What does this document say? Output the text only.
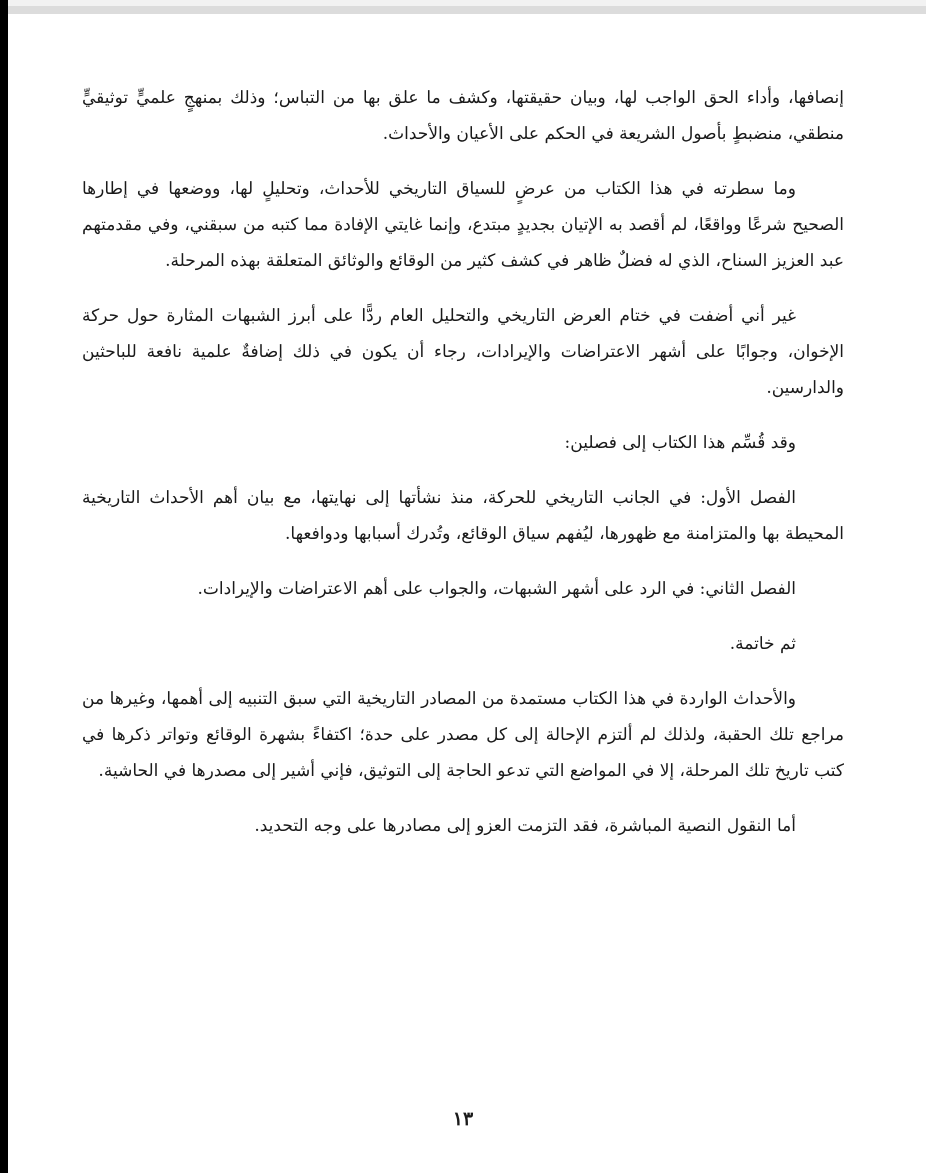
إنصافها، وأداء الحق الواجب لها، وبيان حقيقتها، وكشف ما علق بها من التباس؛ وذلك بمنهجٍ علميٍّ توثيقيٍّ منطقي، منضبطٍ بأصول الشريعة في الحكم على الأعيان والأحداث.

وما سطرته في هذا الكتاب من عرضٍ للسياق التاريخي للأحداث، وتحليلٍ لها، ووضعها في إطارها الصحيح شرعًا وواقعًا، لم أقصد به الإتيان بجديدٍ مبتدع، وإنما غايتي الإفادة مما كتبه من سبقني، وفي مقدمتهم عبد العزيز السناح، الذي له فضلٌ ظاهر في كشف كثير من الوقائع والوثائق المتعلقة بهذه المرحلة.

غير أني أضفت في ختام العرض التاريخي والتحليل العام ردًّا على أبرز الشبهات المثارة حول حركة الإخوان، وجوابًا على أشهر الاعتراضات والإيرادات، رجاء أن يكون في ذلك إضافةٌ علمية نافعة للباحثين والدارسين.

وقد قُسِّم هذا الكتاب إلى فصلين:

الفصل الأول: في الجانب التاريخي للحركة، منذ نشأتها إلى نهايتها، مع بيان أهم الأحداث التاريخية المحيطة بها والمتزامنة مع ظهورها، ليُفهم سياق الوقائع، وتُدرك أسبابها ودوافعها.

الفصل الثاني: في الرد على أشهر الشبهات، والجواب على أهم الاعتراضات والإيرادات.

ثم خاتمة.

والأحداث الواردة في هذا الكتاب مستمدة من المصادر التاريخية التي سبق التنبيه إلى أهمها، وغيرها من مراجع تلك الحقبة، ولذلك لم ألتزم الإحالة إلى كل مصدر على حدة؛ اكتفاءً بشهرة الوقائع وتواتر ذكرها في كتب تاريخ تلك المرحلة، إلا في المواضع التي تدعو الحاجة إلى التوثيق، فإني أشير إلى مصدرها في الحاشية.

أما النقول النصية المباشرة، فقد التزمت العزو إلى مصادرها على وجه التحديد.

١٣
